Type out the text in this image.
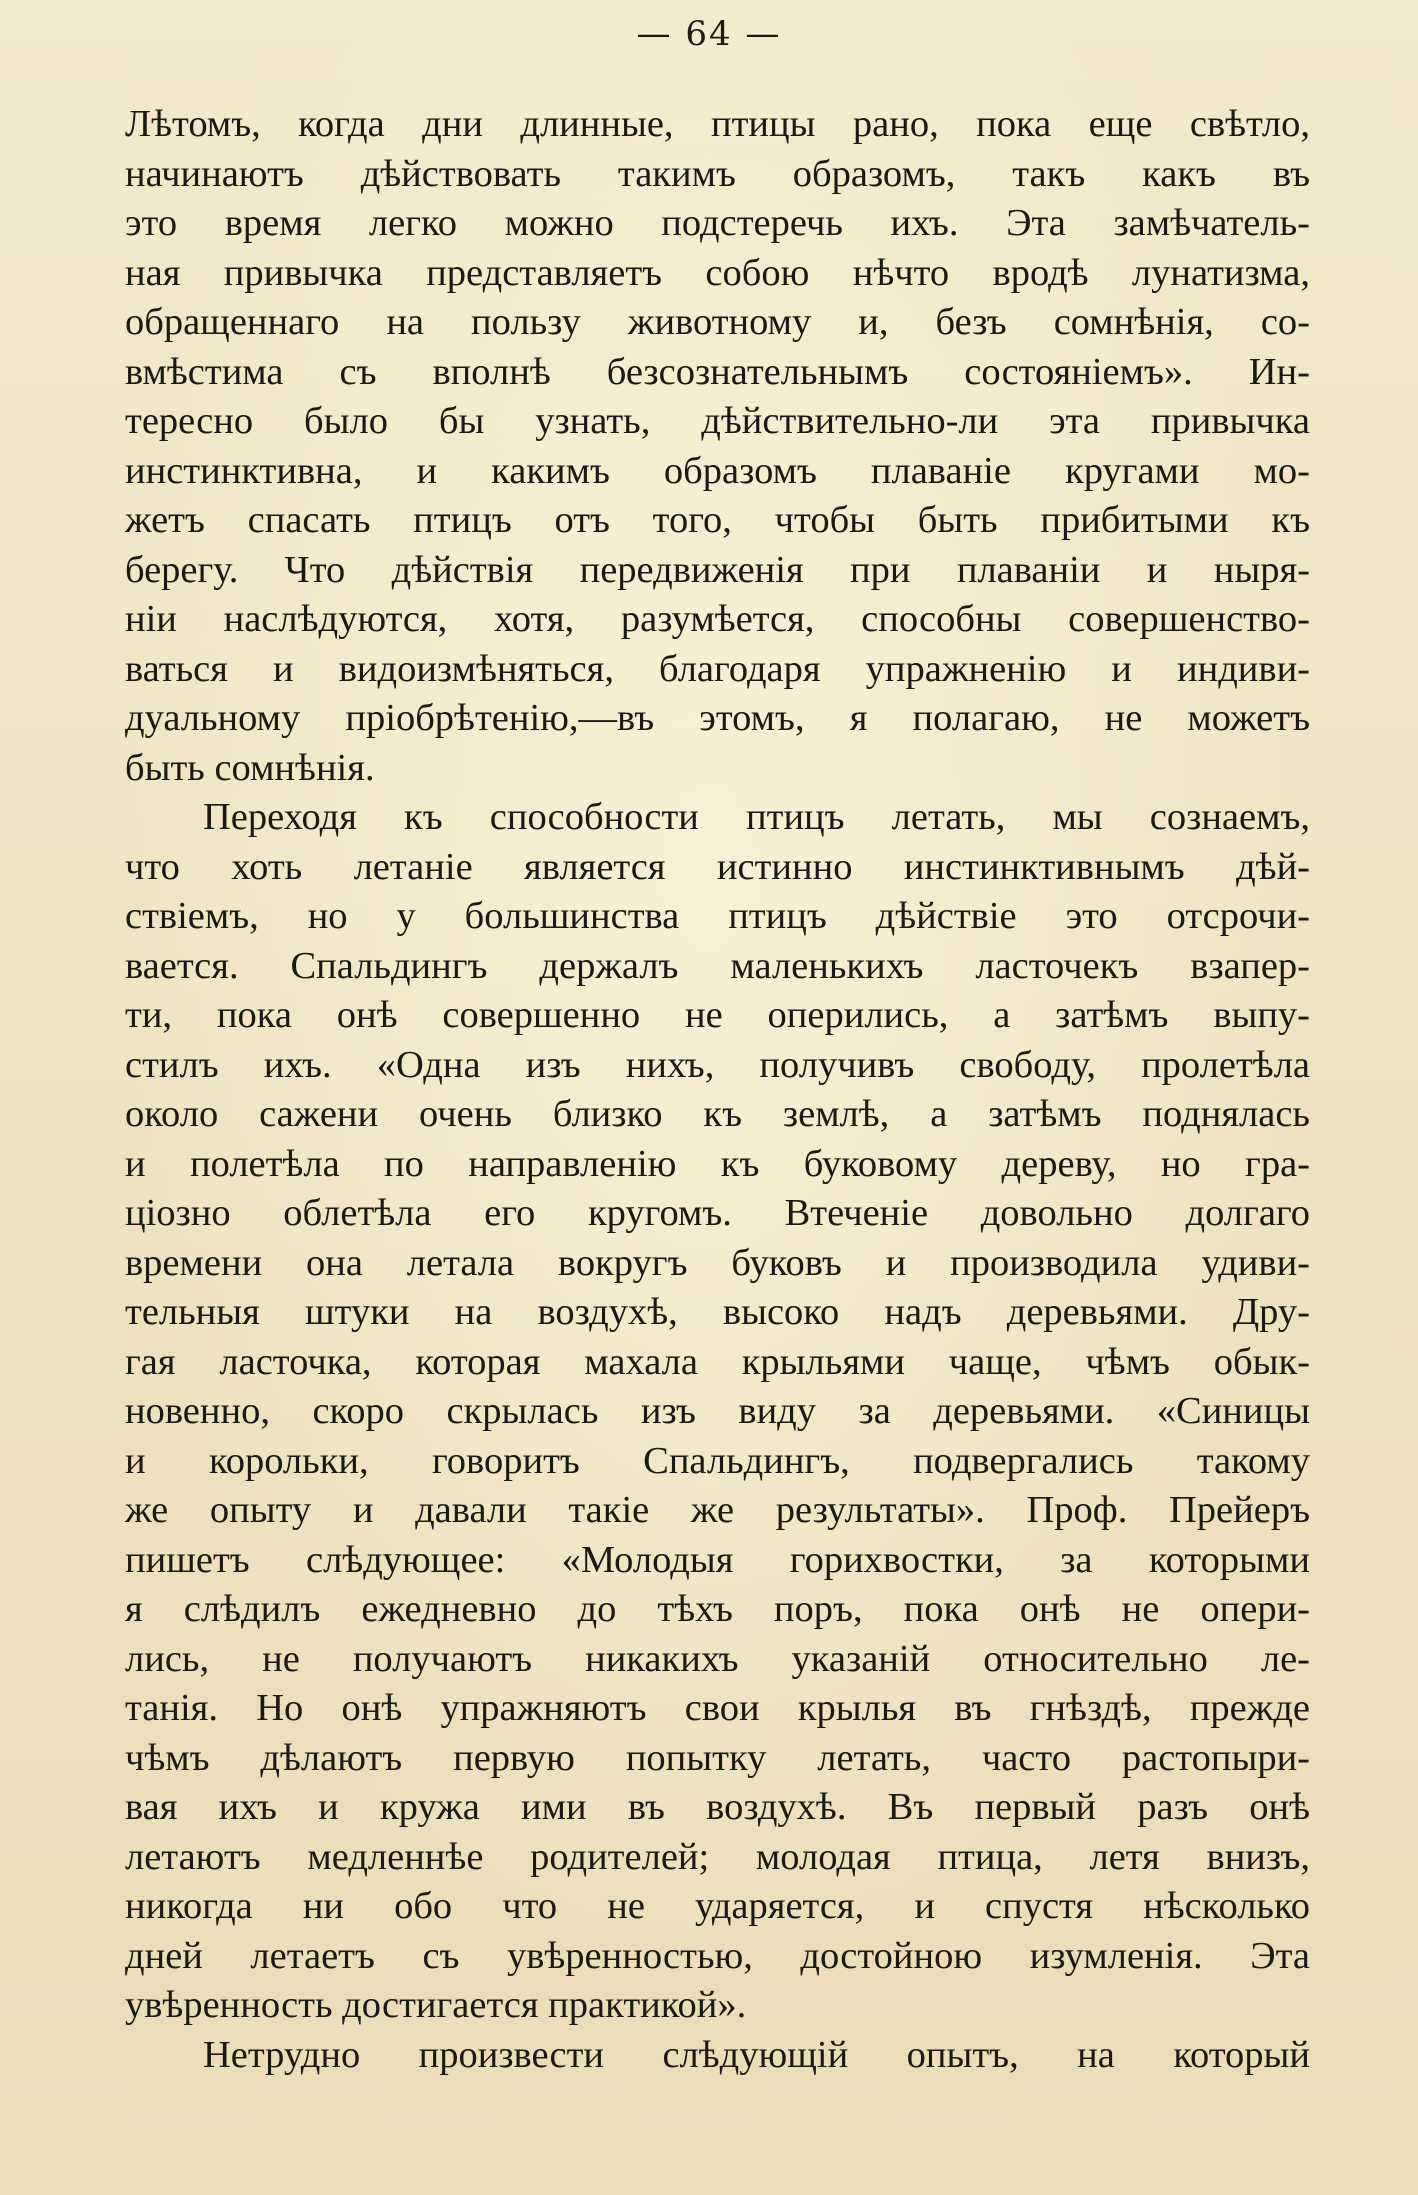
— 64 —
Лѣтомъ, когда дни длинные, птицы рано, пока еще свѣтло,
начинаютъ дѣйствовать такимъ образомъ, такъ какъ въ
это время легко можно подстеречь ихъ. Эта замѣчатель-
ная привычка представляетъ собою нѣчто вродѣ лунатизма,
обращеннаго на пользу животному и, безъ сомнѣнія, со-
вмѣстима съ вполнѣ безсознательнымъ состояніемъ». Ин-
тересно было бы узнать, дѣйствительно-ли эта привычка
инстинктивна, и какимъ образомъ плаваніе кругами мо-
жетъ спасать птицъ отъ того, чтобы быть прибитыми къ
берегу. Что дѣйствія передвиженія при плаваніи и ныря-
ніи наслѣдуются, хотя, разумѣется, способны совершенство-
ваться и видоизмѣняться, благодаря упражненію и индиви-
дуальному пріобрѣтенію,—въ этомъ, я полагаю, не можетъ
быть сомнѣнія.
Переходя къ способности птицъ летать, мы сознаемъ,
что хоть летаніе является истинно инстинктивнымъ дѣй-
ствіемъ, но у большинства птицъ дѣйствіе это отсрочи-
вается. Спальдингъ держалъ маленькихъ ласточекъ взапер-
ти, пока онѣ совершенно не оперились, а затѣмъ выпу-
стилъ ихъ. «Одна изъ нихъ, получивъ свободу, пролетѣла
около сажени очень близко къ землѣ, а затѣмъ поднялась
и полетѣла по направленію къ буковому дереву, но гра-
ціозно облетѣла его кругомъ. Втеченіе довольно долгаго
времени она летала вокругъ буковъ и производила удиви-
тельныя штуки на воздухѣ, высоко надъ деревьями. Дру-
гая ласточка, которая махала крыльями чаще, чѣмъ обык-
новенно, скоро скрылась изъ виду за деревьями. «Синицы
и корольки, говоритъ Спальдингъ, подвергались такому
же опыту и давали такіе же результаты». Проф. Прейеръ
пишетъ слѣдующее: «Молодыя горихвостки, за которыми
я слѣдилъ ежедневно до тѣхъ поръ, пока онѣ не опери-
лись, не получаютъ никакихъ указаній относительно ле-
танія. Но онѣ упражняютъ свои крылья въ гнѣздѣ, прежде
чѣмъ дѣлаютъ первую попытку летать, часто растопыри-
вая ихъ и кружа ими въ воздухѣ. Въ первый разъ онѣ
летаютъ медленнѣе родителей; молодая птица, летя внизъ,
никогда ни обо что не ударяется, и спустя нѣсколько
дней летаетъ съ увѣренностью, достойною изумленія. Эта
увѣренность достигается практикой».
Нетрудно произвести слѣдующій опытъ, на который
